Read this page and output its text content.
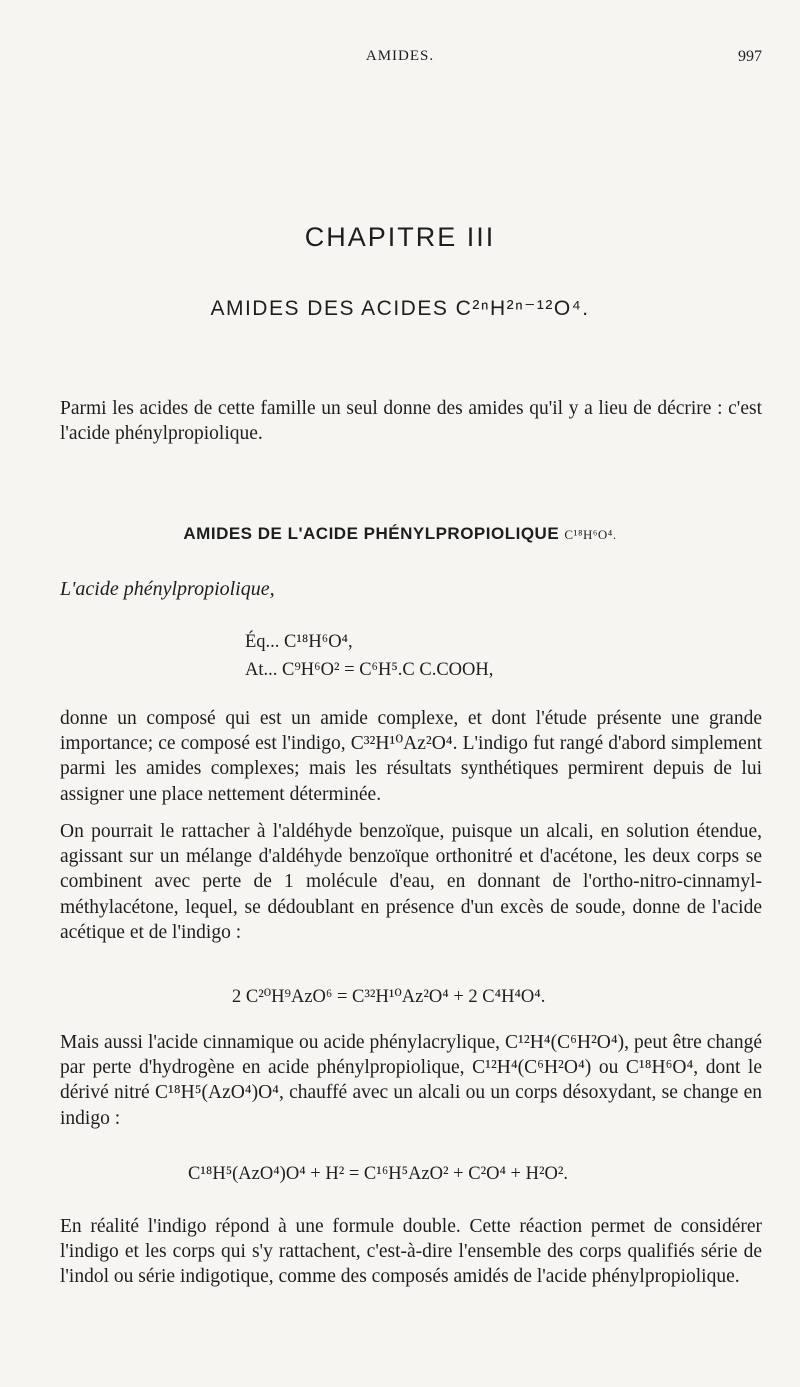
AMIDES.	997
CHAPITRE III
AMIDES DES ACIDES C²ⁿH²ⁿ⁻¹²O⁴.
Parmi les acides de cette famille un seul donne des amides qu'il y a lieu de décrire : c'est l'acide phénylpropiolique.
AMIDES DE L'ACIDE PHÉNYLPROPIOLIQUE C¹⁸H⁶O⁴.
L'acide phénylpropiolique,
Éq... C¹⁸H⁶O⁴,
At... C⁹H⁶O² = C⁶H⁵.C C.COOH,
donne un composé qui est un amide complexe, et dont l'étude présente une grande importance; ce composé est l'indigo, C³²H¹⁰Az²O⁴. L'indigo fut rangé d'abord simplement parmi les amides complexes; mais les résultats synthétiques permirent depuis de lui assigner une place nettement déterminée.
On pourrait le rattacher à l'aldéhyde benzoïque, puisque un alcali, en solution étendue, agissant sur un mélange d'aldéhyde benzoïque orthonitré et d'acétone, les deux corps se combinent avec perte de 1 molécule d'eau, en donnant de l'ortho-nitro-cinnamyl-méthylacétone, lequel, se dédoublant en présence d'un excès de soude, donne de l'acide acétique et de l'indigo :
2 C²⁰H⁹AzO⁶ = C³²H¹⁰Az²O⁴ + 2 C⁴H⁴O⁴.
Mais aussi l'acide cinnamique ou acide phénylacrylique, C¹²H⁴(C⁶H²O⁴), peut être changé par perte d'hydrogène en acide phénylpropiolique, C¹²H⁴(C⁶H²O⁴) ou C¹⁸H⁶O⁴, dont le dérivé nitré C¹⁸H⁵(AzO⁴)O⁴, chauffé avec un alcali ou un corps désoxydant, se change en indigo :
C¹⁸H⁵(AzO⁴)O⁴ + H² = C¹⁶H⁵AzO² + C²O⁴ + H²O².
En réalité l'indigo répond à une formule double. Cette réaction permet de considérer l'indigo et les corps qui s'y rattachent, c'est-à-dire l'ensemble des corps qualifiés série de l'indol ou série indigotique, comme des composés amidés de l'acide phénylpropiolique.
